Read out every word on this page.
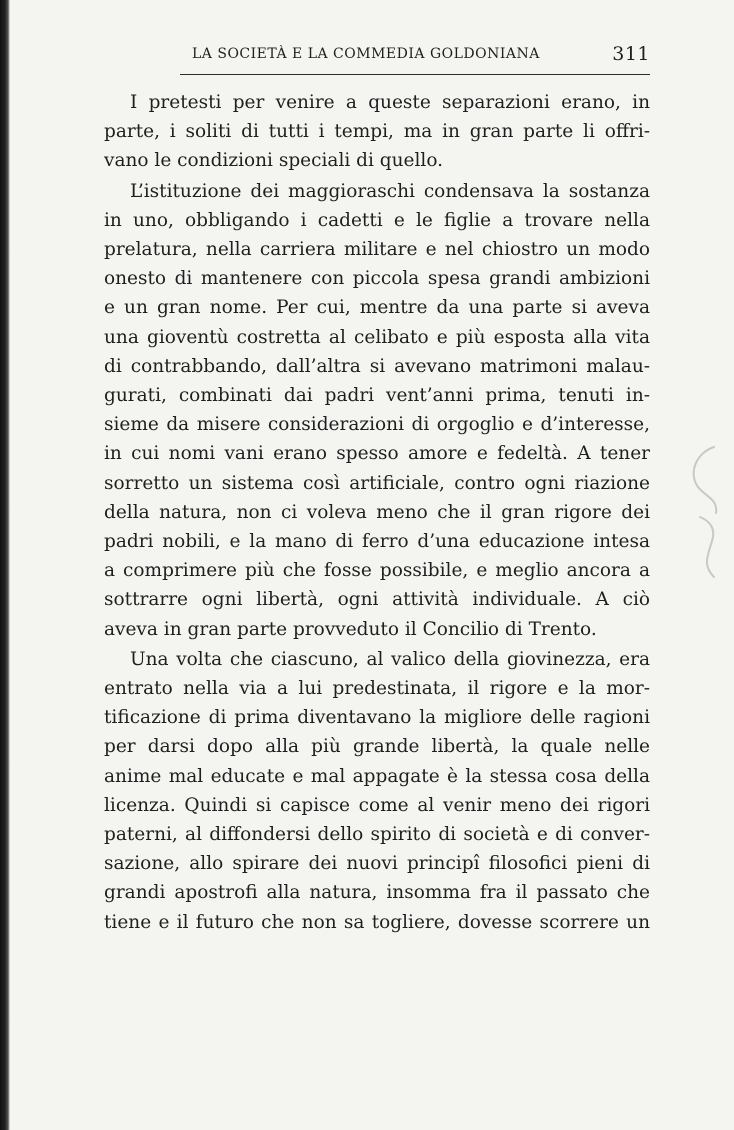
LA SOCIETÀ E LA COMMEDIA GOLDONIANA	311
I pretesti per venire a queste separazioni erano, in
parte, i soliti di tutti i tempi, ma in gran parte li offri-
vano le condizioni speciali di quello.
L’istituzione dei maggioraschi condensava la sostanza
in uno, obbligando i cadetti e le figlie a trovare nella
prelatura, nella carriera militare e nel chiostro un modo
onesto di mantenere con piccola spesa grandi ambizioni
e un gran nome. Per cui, mentre da una parte si aveva
una gioventù costretta al celibato e più esposta alla vita
di contrabbando, dall’altra si avevano matrimoni malau-
gurati, combinati dai padri vent’anni prima, tenuti in-
sieme da misere considerazioni di orgoglio e d’interesse,
in cui nomi vani erano spesso amore e fedeltà. A tener
sorretto un sistema così artificiale, contro ogni riazione
della natura, non ci voleva meno che il gran rigore dei
padri nobili, e la mano di ferro d’una educazione intesa
a comprimere più che fosse possibile, e meglio ancora a
sottrarre ogni libertà, ogni attività individuale. A ciò
aveva in gran parte provveduto il Concilio di Trento.
Una volta che ciascuno, al valico della giovinezza, era
entrato nella via a lui predestinata, il rigore e la mor-
tificazione di prima diventavano la migliore delle ragioni
per darsi dopo alla più grande libertà, la quale nelle
anime mal educate e mal appagate è la stessa cosa della
licenza. Quindi si capisce come al venir meno dei rigori
paterni, al diffondersi dello spirito di società e di conver-
sazione, allo spirare dei nuovi principî filosofici pieni di
grandi apostrofi alla natura, insomma fra il passato che
tiene e il futuro che non sa togliere, dovesse scorrere un
